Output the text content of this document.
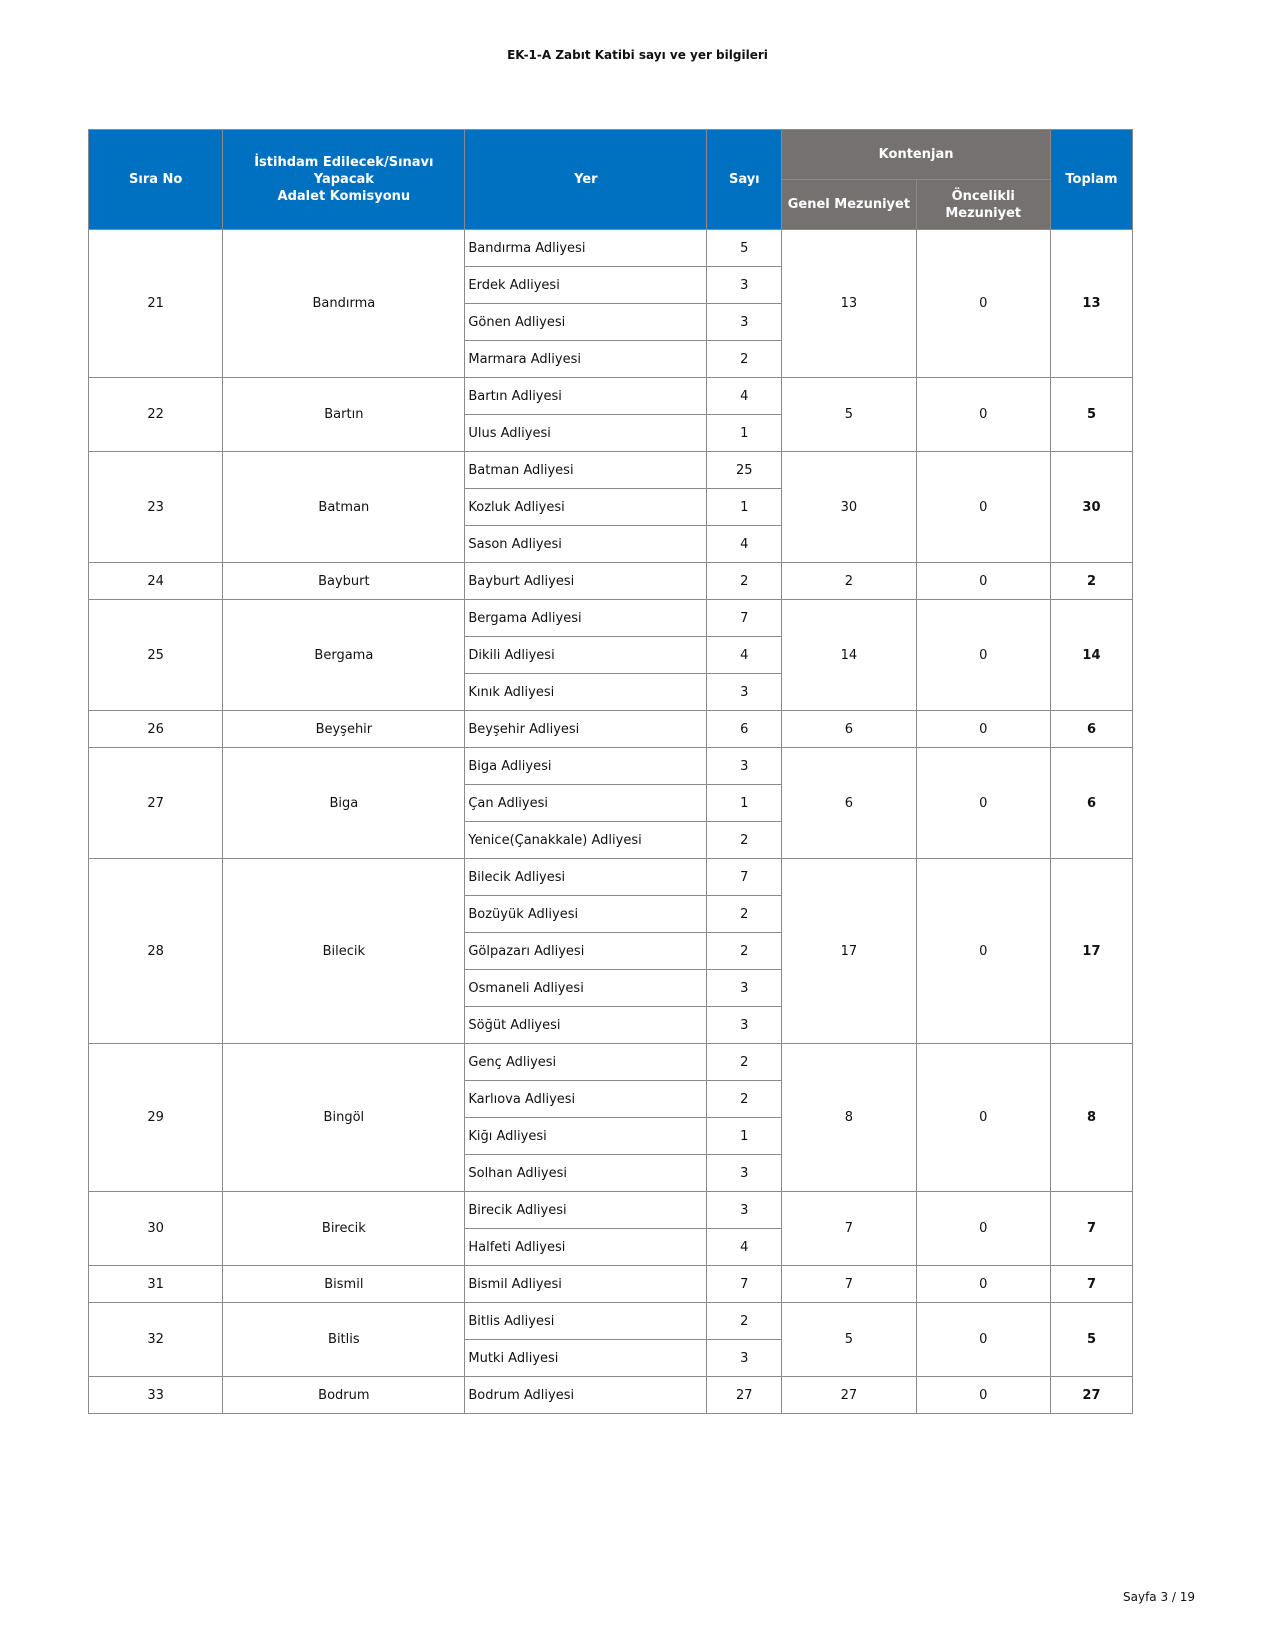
EK-1-A Zabıt Katibi sayı ve yer bilgileri
Sıra No	İstihdam Edilecek/Sınavı
Yapacak
Adalet Komisyonu	Yer	Sayı	Kontenjan		Toplam
				Genel Mezuniyet	Öncelikli
Mezuniyet	

21	Bandırma	Bandırma Adliyesi	5	13	0	13
		Erdek Adliyesi	3			
		Gönen Adliyesi	3			
		Marmara Adliyesi	2			
22	Bartın	Bartın Adliyesi	4	5	0	5
		Ulus Adliyesi	1			
23	Batman	Batman Adliyesi	25	30	0	30
		Kozluk Adliyesi	1			
		Sason Adliyesi	4			
24	Bayburt	Bayburt Adliyesi	2	2	0	2
25	Bergama	Bergama Adliyesi	7	14	0	14
		Dikili Adliyesi	4			
		Kınık Adliyesi	3			
26	Beyşehir	Beyşehir Adliyesi	6	6	0	6
27	Biga	Biga Adliyesi	3	6	0	6
		Çan Adliyesi	1			
		Yenice(Çanakkale) Adliyesi	2			
28	Bilecik	Bilecik Adliyesi	7	17	0	17
		Bozüyük Adliyesi	2			
		Gölpazarı Adliyesi	2			
		Osmaneli Adliyesi	3			
		Söğüt Adliyesi	3			
29	Bingöl	Genç Adliyesi	2	8	0	8
		Karlıova Adliyesi	2			
		Kiğı Adliyesi	1			
		Solhan Adliyesi	3			
30	Birecik	Birecik Adliyesi	3	7	0	7
		Halfeti Adliyesi	4			
31	Bismil	Bismil Adliyesi	7	7	0	7
32	Bitlis	Bitlis Adliyesi	2	5	0	5
		Mutki Adliyesi	3			
33	Bodrum	Bodrum Adliyesi	27	27	0	27
Sayfa 3 / 19
